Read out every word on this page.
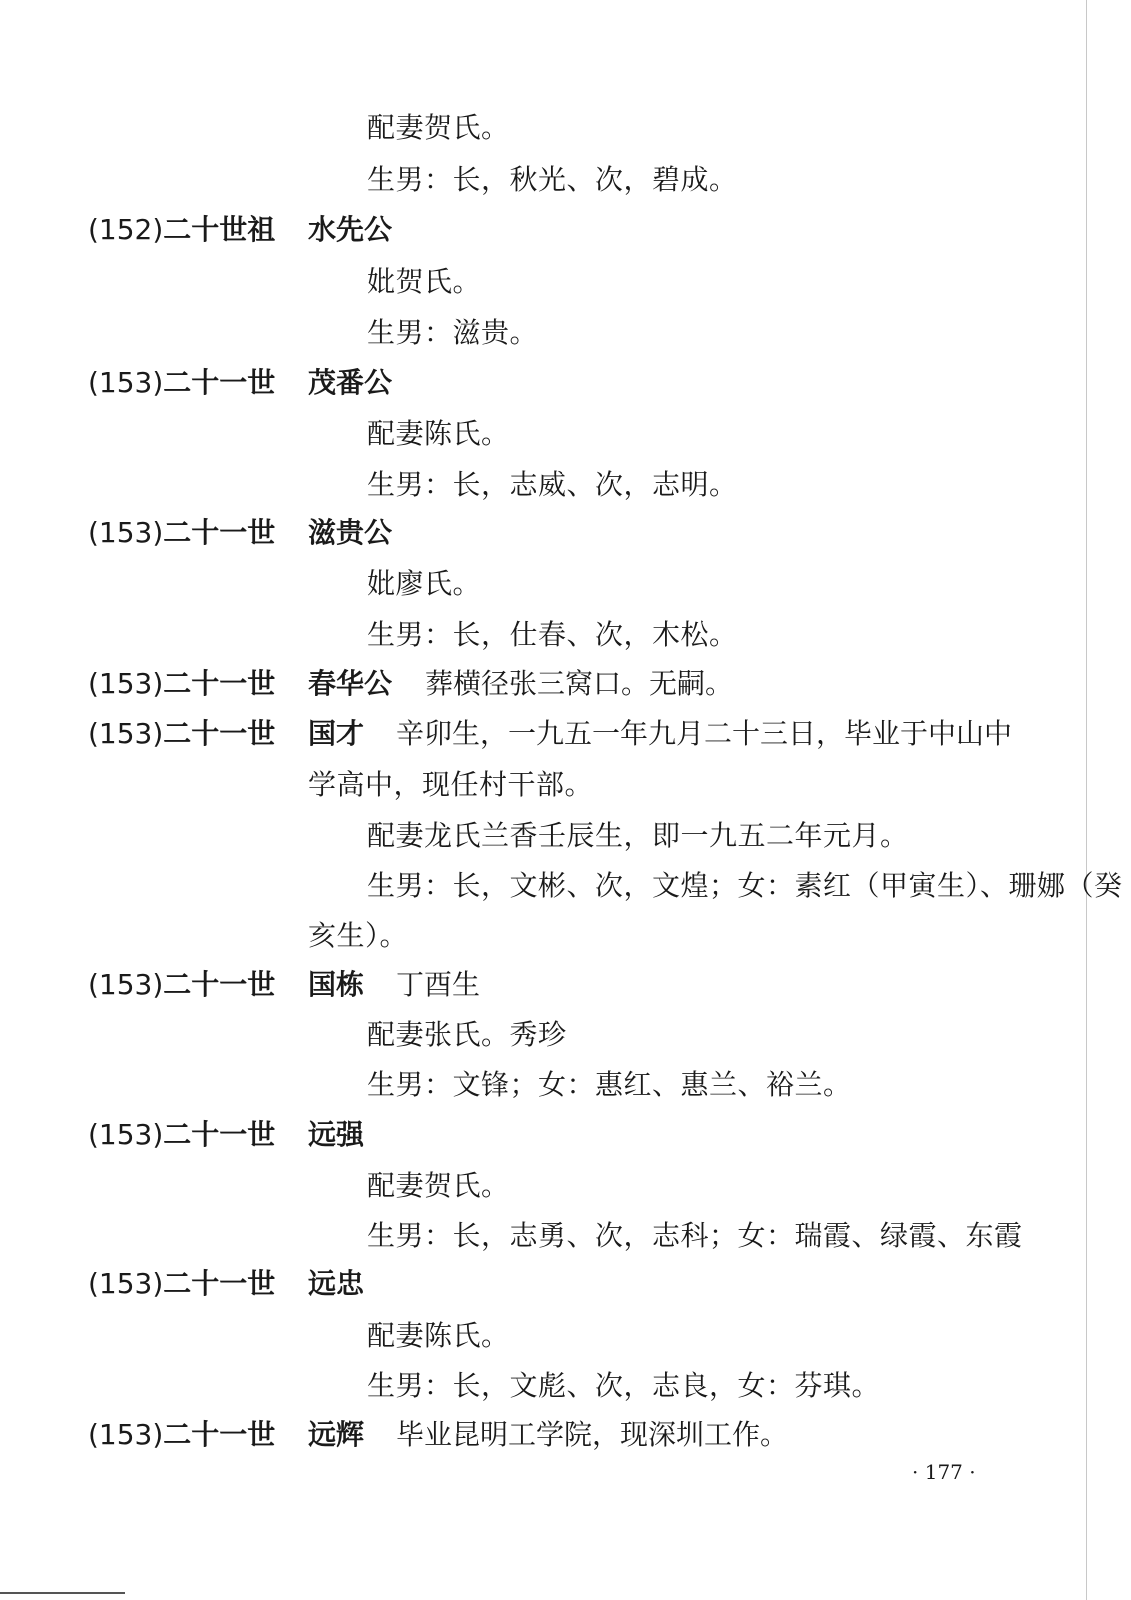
配妻贺氏。
生男：长，秋光、次，碧成。
(152)二十世祖 水先公
妣贺氏。
生男：滋贵。
(153)二十一世 茂番公
配妻陈氏。
生男：长，志威、次，志明。
(153)二十一世 滋贵公
妣廖氏。
生男：长，仕春、次，木松。
(153)二十一世 春华公 葬横径张三窝口。无嗣。
(153)二十一世 国才 辛卯生，一九五一年九月二十三日，毕业于中山中
学高中，现任村干部。
配妻龙氏兰香壬辰生，即一九五二年元月。
生男：长，文彬、次，文煌；女：素红（甲寅生）、珊娜（癸
亥生）。
(153)二十一世 国栋 丁酉生
配妻张氏。秀珍
生男：文锋；女：惠红、惠兰、裕兰。
(153)二十一世 远强
配妻贺氏。
生男：长，志勇、次，志科；女：瑞霞、绿霞、东霞
(153)二十一世 远忠
配妻陈氏。
生男：长，文彪、次，志良，女：芬琪。
(153)二十一世 远辉 毕业昆明工学院，现深圳工作。
· 177 ·
